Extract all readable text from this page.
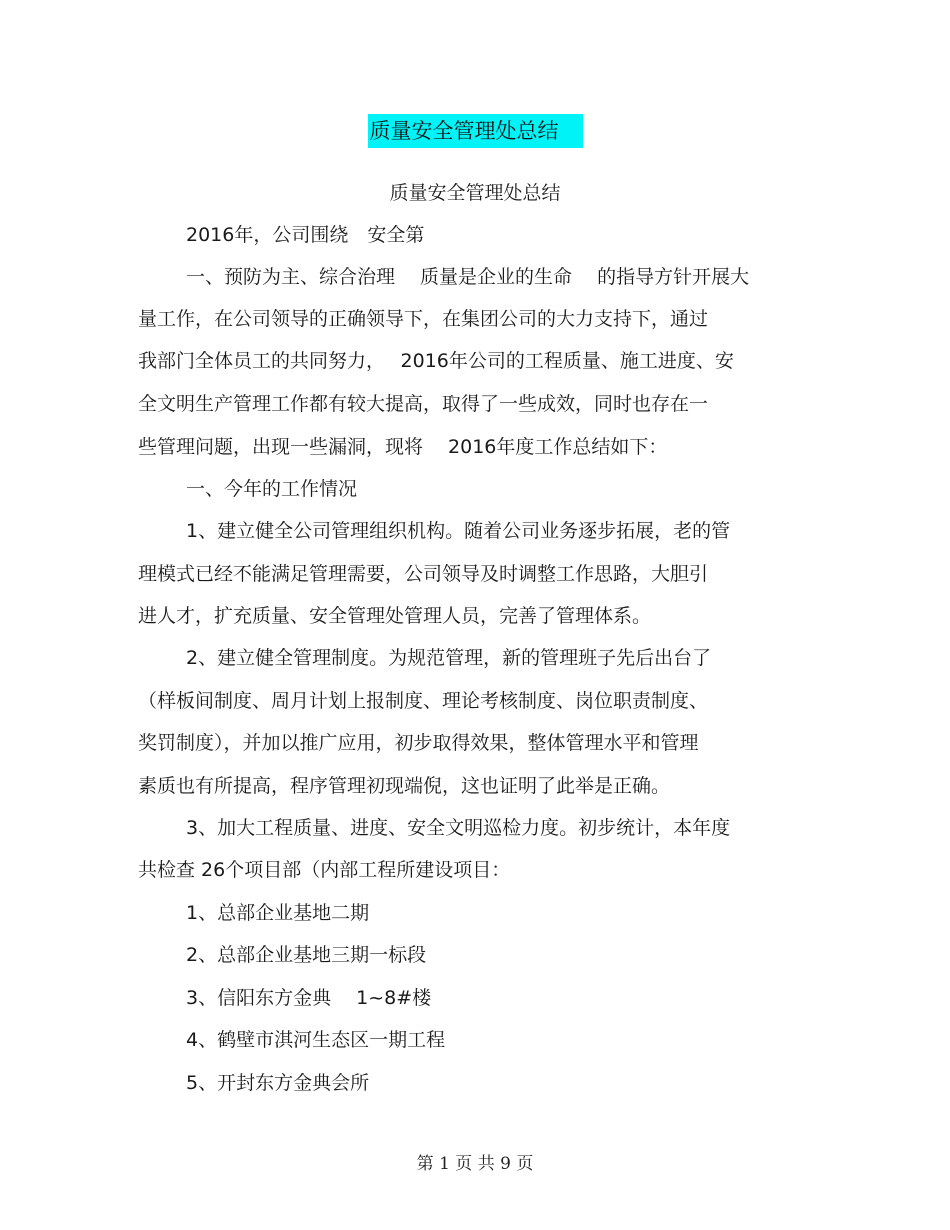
质量安全管理处总结
质量安全管理处总结
2016年，公司围绕　安全第
一、预防为主、综合治理　 质量是企业的生命　 的指导方针开展大
量工作，在公司领导的正确领导下，在集团公司的大力支持下，通过
我部门全体员工的共同努力，　 2016年公司的工程质量、施工进度、安
全文明生产管理工作都有较大提高，取得了一些成效，同时也存在一
些管理问题，出现一些漏洞，现将　 2016年度工作总结如下：
一、今年的工作情况
1、建立健全公司管理组织机构。随着公司业务逐步拓展，老的管
理模式已经不能满足管理需要，公司领导及时调整工作思路，大胆引
进人才，扩充质量、安全管理处管理人员，完善了管理体系。
2、建立健全管理制度。为规范管理，新的管理班子先后出台了
（样板间制度、周月计划上报制度、理论考核制度、岗位职责制度、
奖罚制度），并加以推广应用，初步取得效果，整体管理水平和管理
素质也有所提高，程序管理初现端倪，这也证明了此举是正确。
3、加大工程质量、进度、安全文明巡检力度。初步统计，本年度
共检查 26个项目部（内部工程所建设项目：
1、总部企业基地二期
2、总部企业基地三期一标段
3、信阳东方金典　 1~8#楼
4、鹤壁市淇河生态区一期工程
5、开封东方金典会所
第 1 页 共 9 页
